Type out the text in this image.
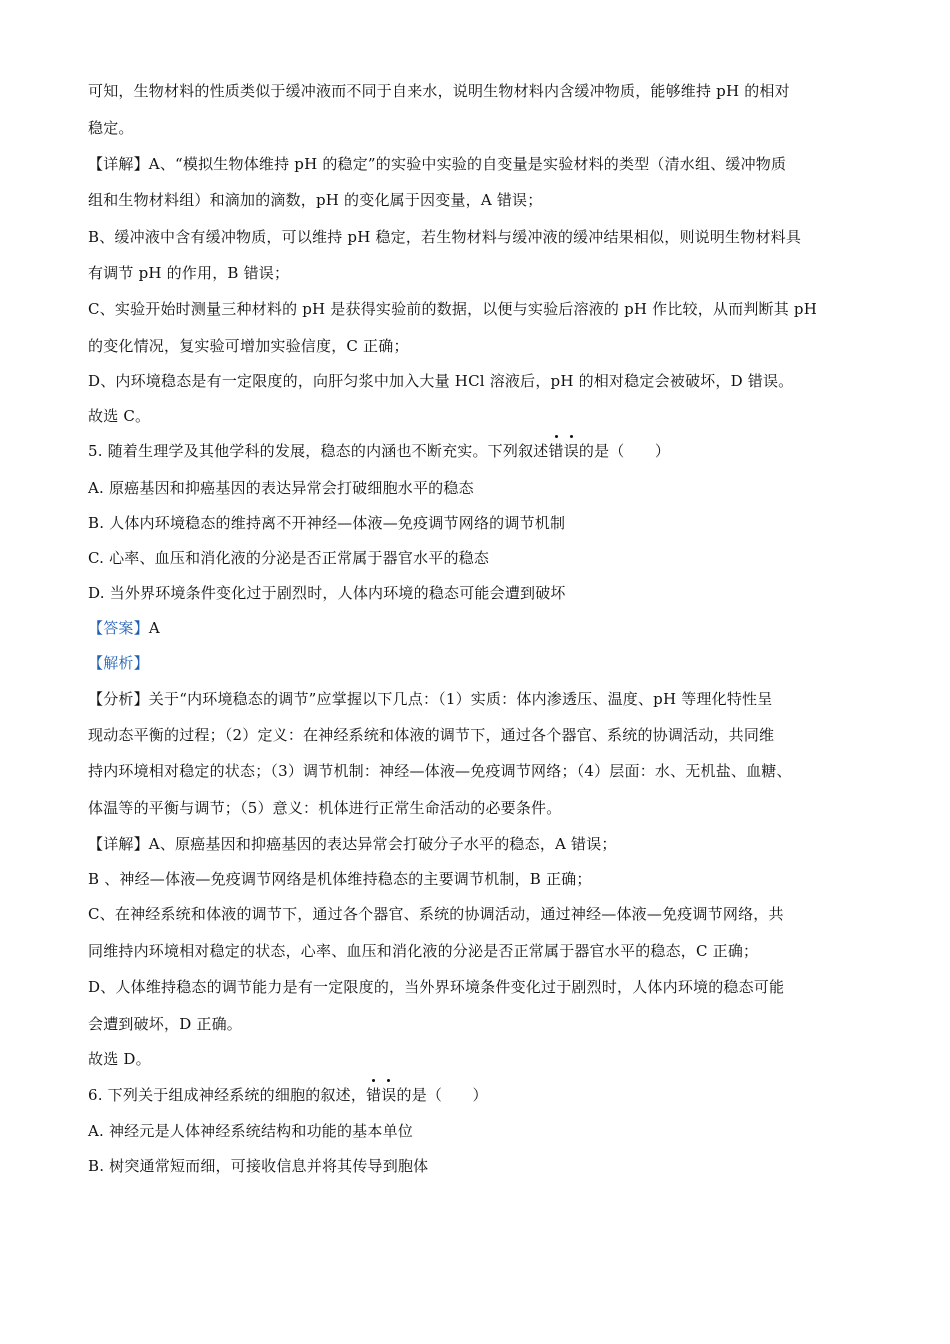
可知，生物材料的性质类似于缓冲液而不同于自来水，说明生物材料内含缓冲物质，能够维持 pH 的相对

稳定。

【详解】A、“模拟生物体维持 pH 的稳定”的实验中实验的自变量是实验材料的类型（清水组、缓冲物质

组和生物材料组）和滴加的滴数，pH 的变化属于因变量，A 错误；

B、缓冲液中含有缓冲物质，可以维持 pH 稳定，若生物材料与缓冲液的缓冲结果相似，则说明生物材料具

有调节 pH 的作用，B 错误；

C、实验开始时测量三种材料的 pH 是获得实验前的数据，以便与实验后溶液的 pH 作比较，从而判断其 pH

的变化情况，复实验可增加实验信度，C 正确；

D、内环境稳态是有一定限度的，向肝匀浆中加入大量 HCl 溶液后，pH 的相对稳定会被破坏，D 错误。

故选 C。

5. 随着生理学及其他学科的发展，稳态的内涵也不断充实。下列叙述错误的是（　　）

A. 原癌基因和抑癌基因的表达异常会打破细胞水平的稳态

B. 人体内环境稳态的维持离不开神经—体液—免疫调节网络的调节机制

C. 心率、血压和消化液的分泌是否正常属于器官水平的稳态

D. 当外界环境条件变化过于剧烈时，人体内环境的稳态可能会遭到破坏

【答案】A

【解析】

【分析】关于“内环境稳态的调节”应掌握以下几点：（1）实质：体内渗透压、温度、pH 等理化特性呈

现动态平衡的过程；（2）定义：在神经系统和体液的调节下，通过各个器官、系统的协调活动，共同维

持内环境相对稳定的状态；（3）调节机制：神经—体液—免疫调节网络；（4）层面：水、无机盐、血糖、

体温等的平衡与调节；（5）意义：机体进行正常生命活动的必要条件。

【详解】A、原癌基因和抑癌基因的表达异常会打破分子水平的稳态，A 错误；

B 、神经—体液—免疫调节网络是机体维持稳态的主要调节机制，B 正确；

C、在神经系统和体液的调节下，通过各个器官、系统的协调活动，通过神经—体液—免疫调节网络，共

同维持内环境相对稳定的状态，心率、血压和消化液的分泌是否正常属于器官水平的稳态，C 正确；

D、人体维持稳态的调节能力是有一定限度的，当外界环境条件变化过于剧烈时，人体内环境的稳态可能

会遭到破坏，D 正确。

故选 D。

6. 下列关于组成神经系统的细胞的叙述，错误的是（　　）

A. 神经元是人体神经系统结构和功能的基本单位

B. 树突通常短而细，可接收信息并将其传导到胞体
